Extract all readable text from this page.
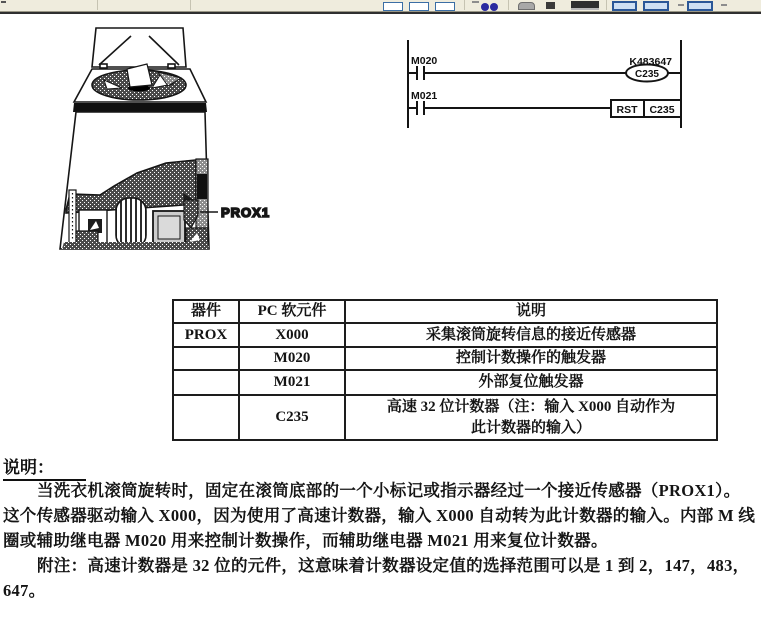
PROX1
M020	K483647
C235
RST C235
M021
器件	PC 软元件	说明
PROX	X000	采集滚筒旋转信息的接近传感器
	M020	控制计数操作的触发器
	M021	外部复位触发器
	C235	高速 32 位计数器（注：输入 X000 自动作为
此计数器的输入）
说明：
当洗衣机滚筒旋转时，固定在滚筒底部的一个小标记或指示器经过一个接近传感器（PROX1）。
这个传感器驱动输入 X000，因为使用了高速计数器，输入 X000 自动转为此计数器的输入。内部 M 线
圈或辅助继电器 M020 用来控制计数操作，而辅助继电器 M021 用来复位计数器。
附注：高速计数器是 32 位的元件，这意味着计数器设定值的选择范围可以是 1 到 2，147，483，
647。
